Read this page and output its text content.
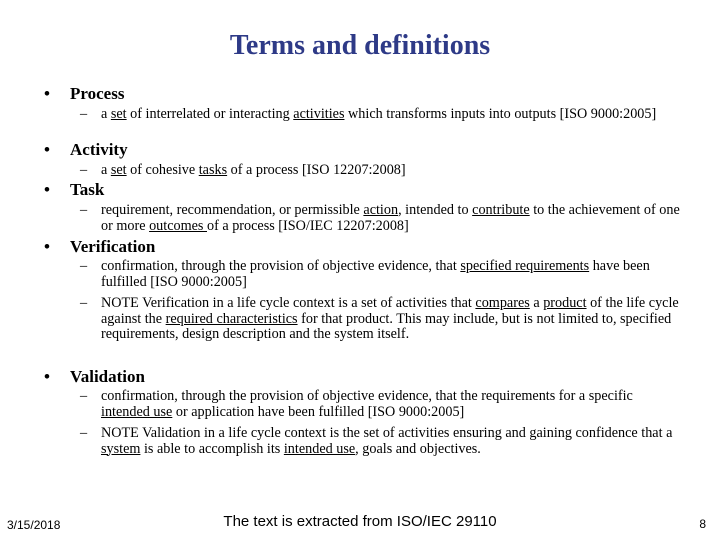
Terms and definitions
• Process
– a set of interrelated or interacting activities which transforms inputs into outputs [ISO 9000:2005]
• Activity
– a set of cohesive tasks of a process [ISO 12207:2008]
• Task
– requirement, recommendation, or permissible action, intended to contribute to the achievement of one or more outcomes of a process [ISO/IEC 12207:2008]
• Verification
– confirmation, through the provision of objective evidence, that specified requirements have been fulfilled [ISO 9000:2005]
– NOTE Verification in a life cycle context is a set of activities that compares a product of the life cycle against the required characteristics for that product. This may include, but is not limited to, specified requirements, design description and the system itself.
• Validation
– confirmation, through the provision of objective evidence, that the requirements for a specific intended use or application have been fulfilled [ISO 9000:2005]
– NOTE Validation in a life cycle context is the set of activities ensuring and gaining confidence that a system is able to accomplish its intended use, goals and objectives.
3/15/2018	The text is extracted from ISO/IEC 29110	8
